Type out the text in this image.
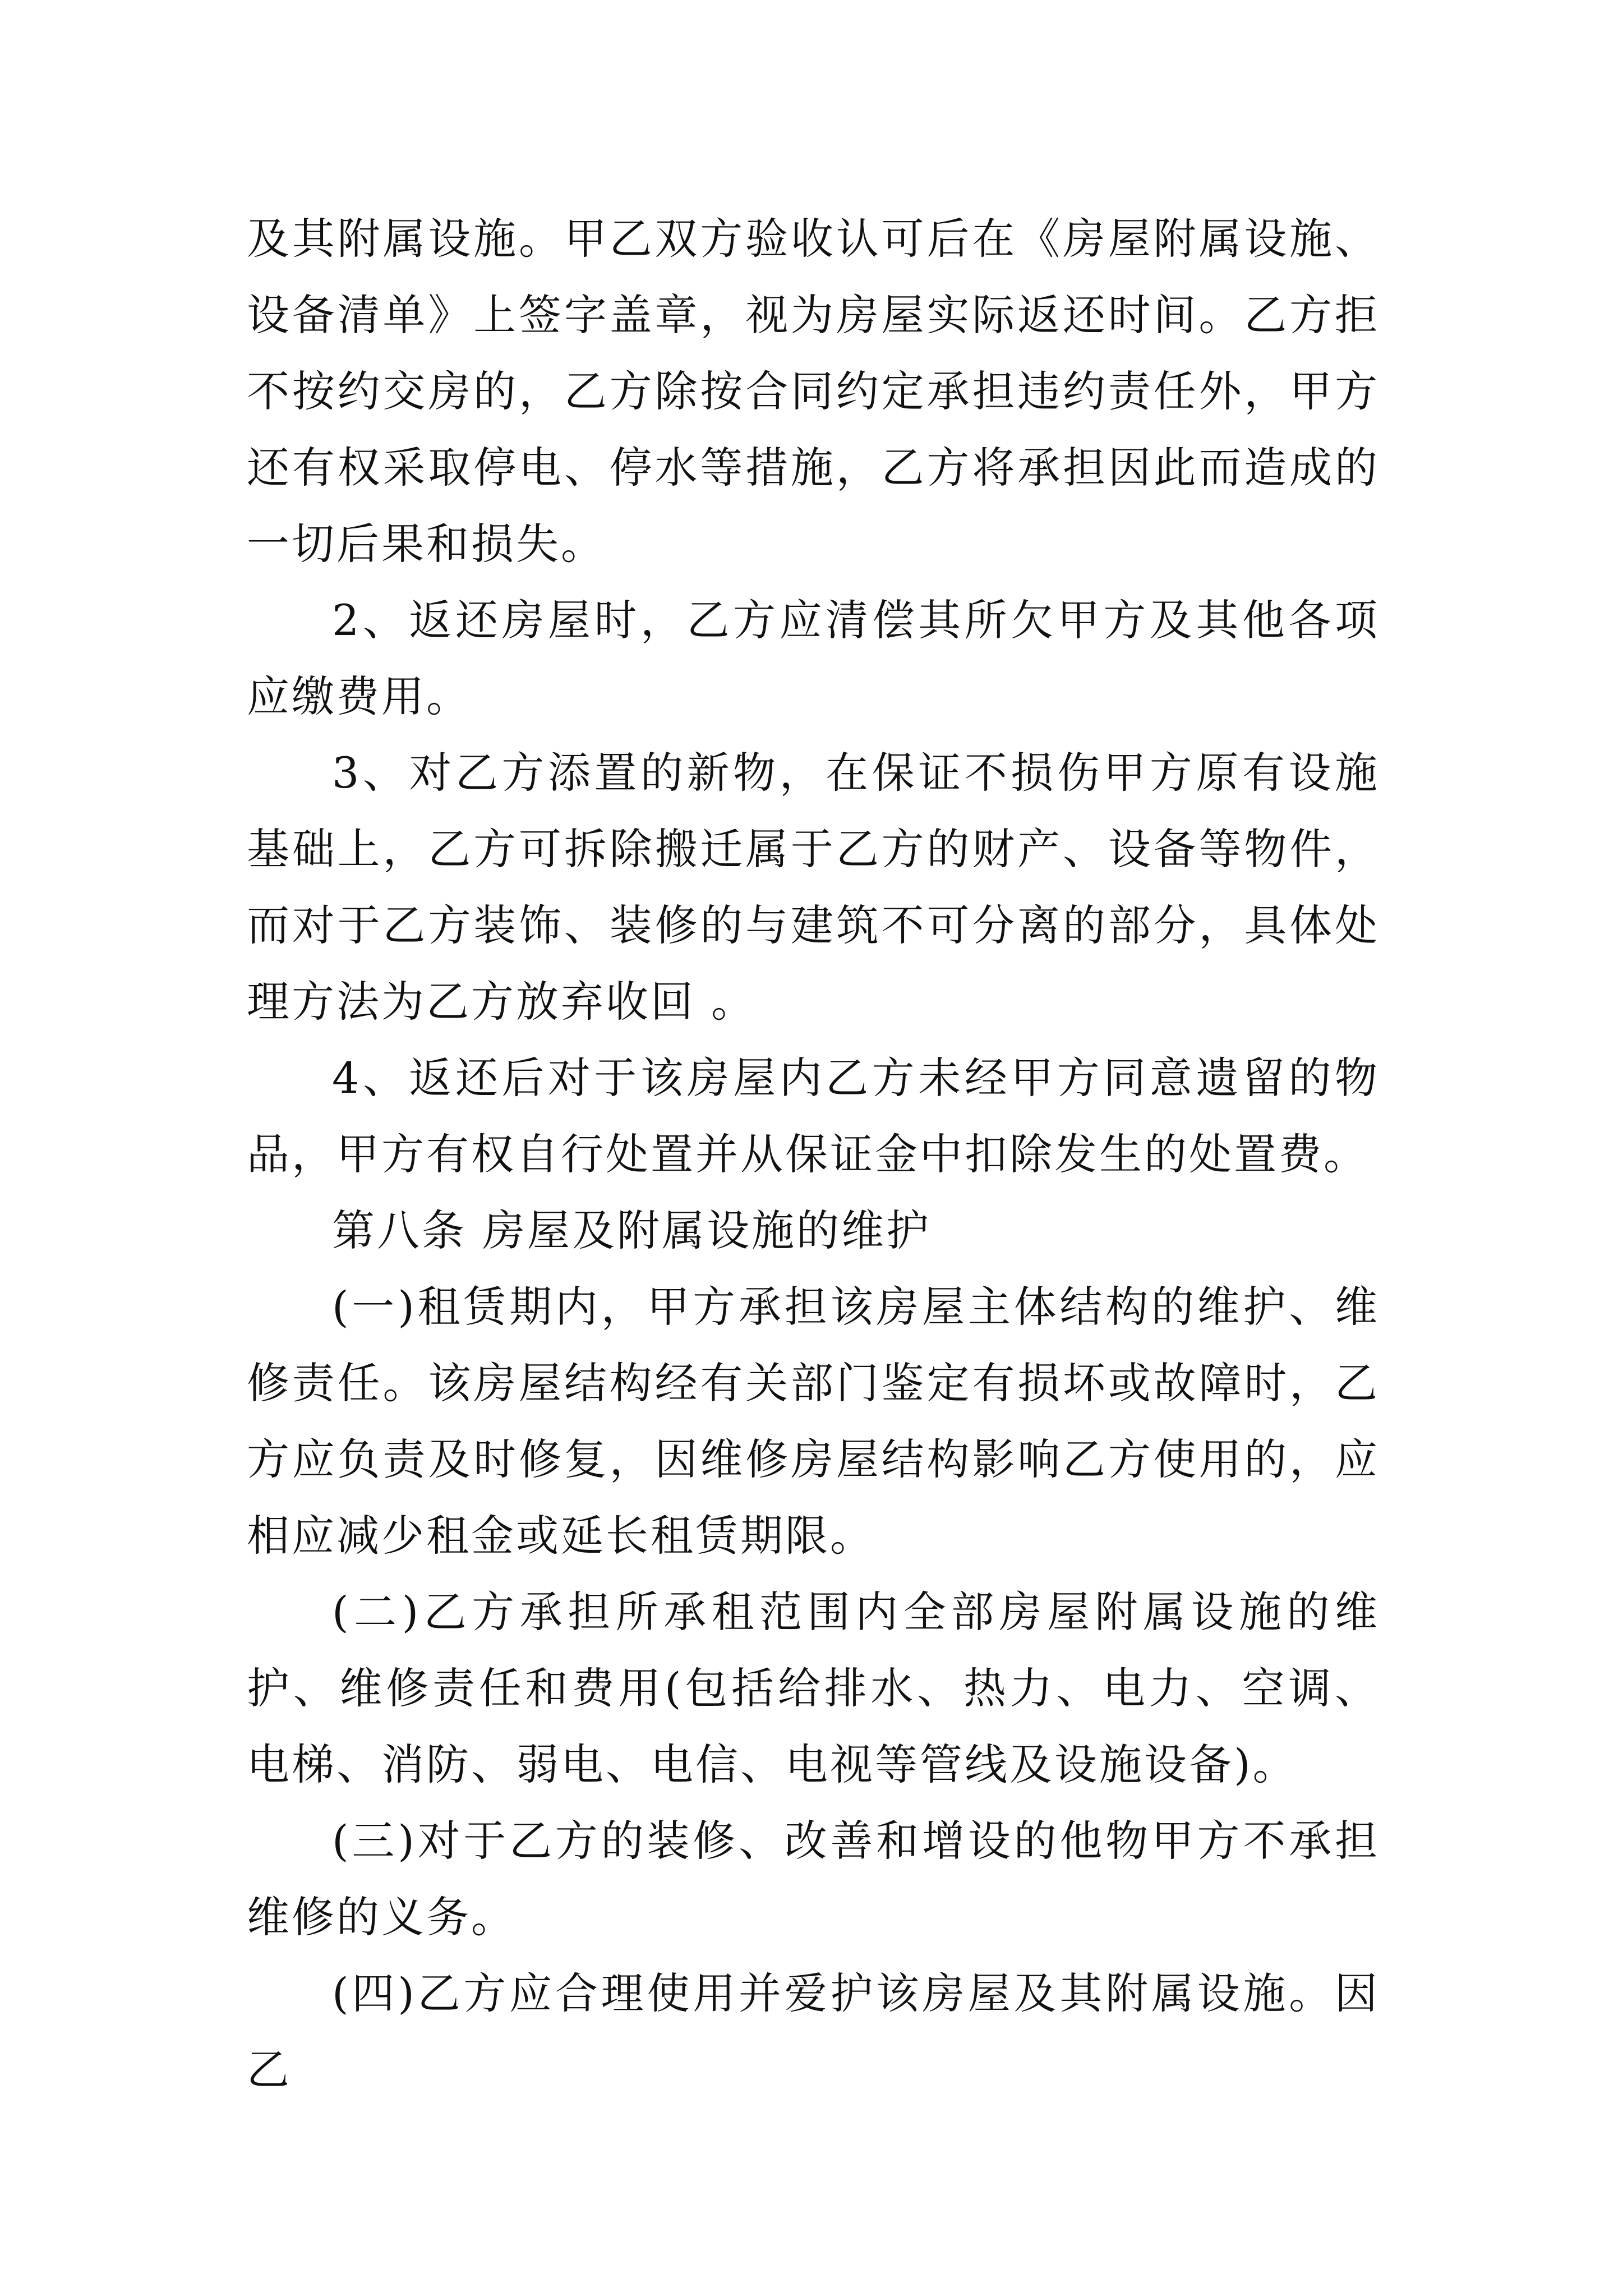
及其附属设施。甲乙双方验收认可后在《房屋附属设施、设备清单》上签字盖章，视为房屋实际返还时间。乙方拒不按约交房的，乙方除按合同约定承担违约责任外，甲方还有权采取停电、停水等措施，乙方将承担因此而造成的一切后果和损失。

2、返还房屋时，乙方应清偿其所欠甲方及其他各项应缴费用。

3、对乙方添置的新物，在保证不损伤甲方原有设施基础上，乙方可拆除搬迁属于乙方的财产、设备等物件，而对于乙方装饰、装修的与建筑不可分离的部分，具体处理方法为乙方放弃收回 。

4、返还后对于该房屋内乙方未经甲方同意遗留的物品，甲方有权自行处置并从保证金中扣除发生的处置费。

第八条 房屋及附属设施的维护

(一)租赁期内，甲方承担该房屋主体结构的维护、维修责任。该房屋结构经有关部门鉴定有损坏或故障时，乙方应负责及时修复，因维修房屋结构影响乙方使用的，应相应减少租金或延长租赁期限。

(二)乙方承担所承租范围内全部房屋附属设施的维护、维修责任和费用(包括给排水、热力、电力、空调、电梯、消防、弱电、电信、电视等管线及设施设备)。

(三)对于乙方的装修、改善和增设的他物甲方不承担维修的义务。

(四)乙方应合理使用并爱护该房屋及其附属设施。因乙
